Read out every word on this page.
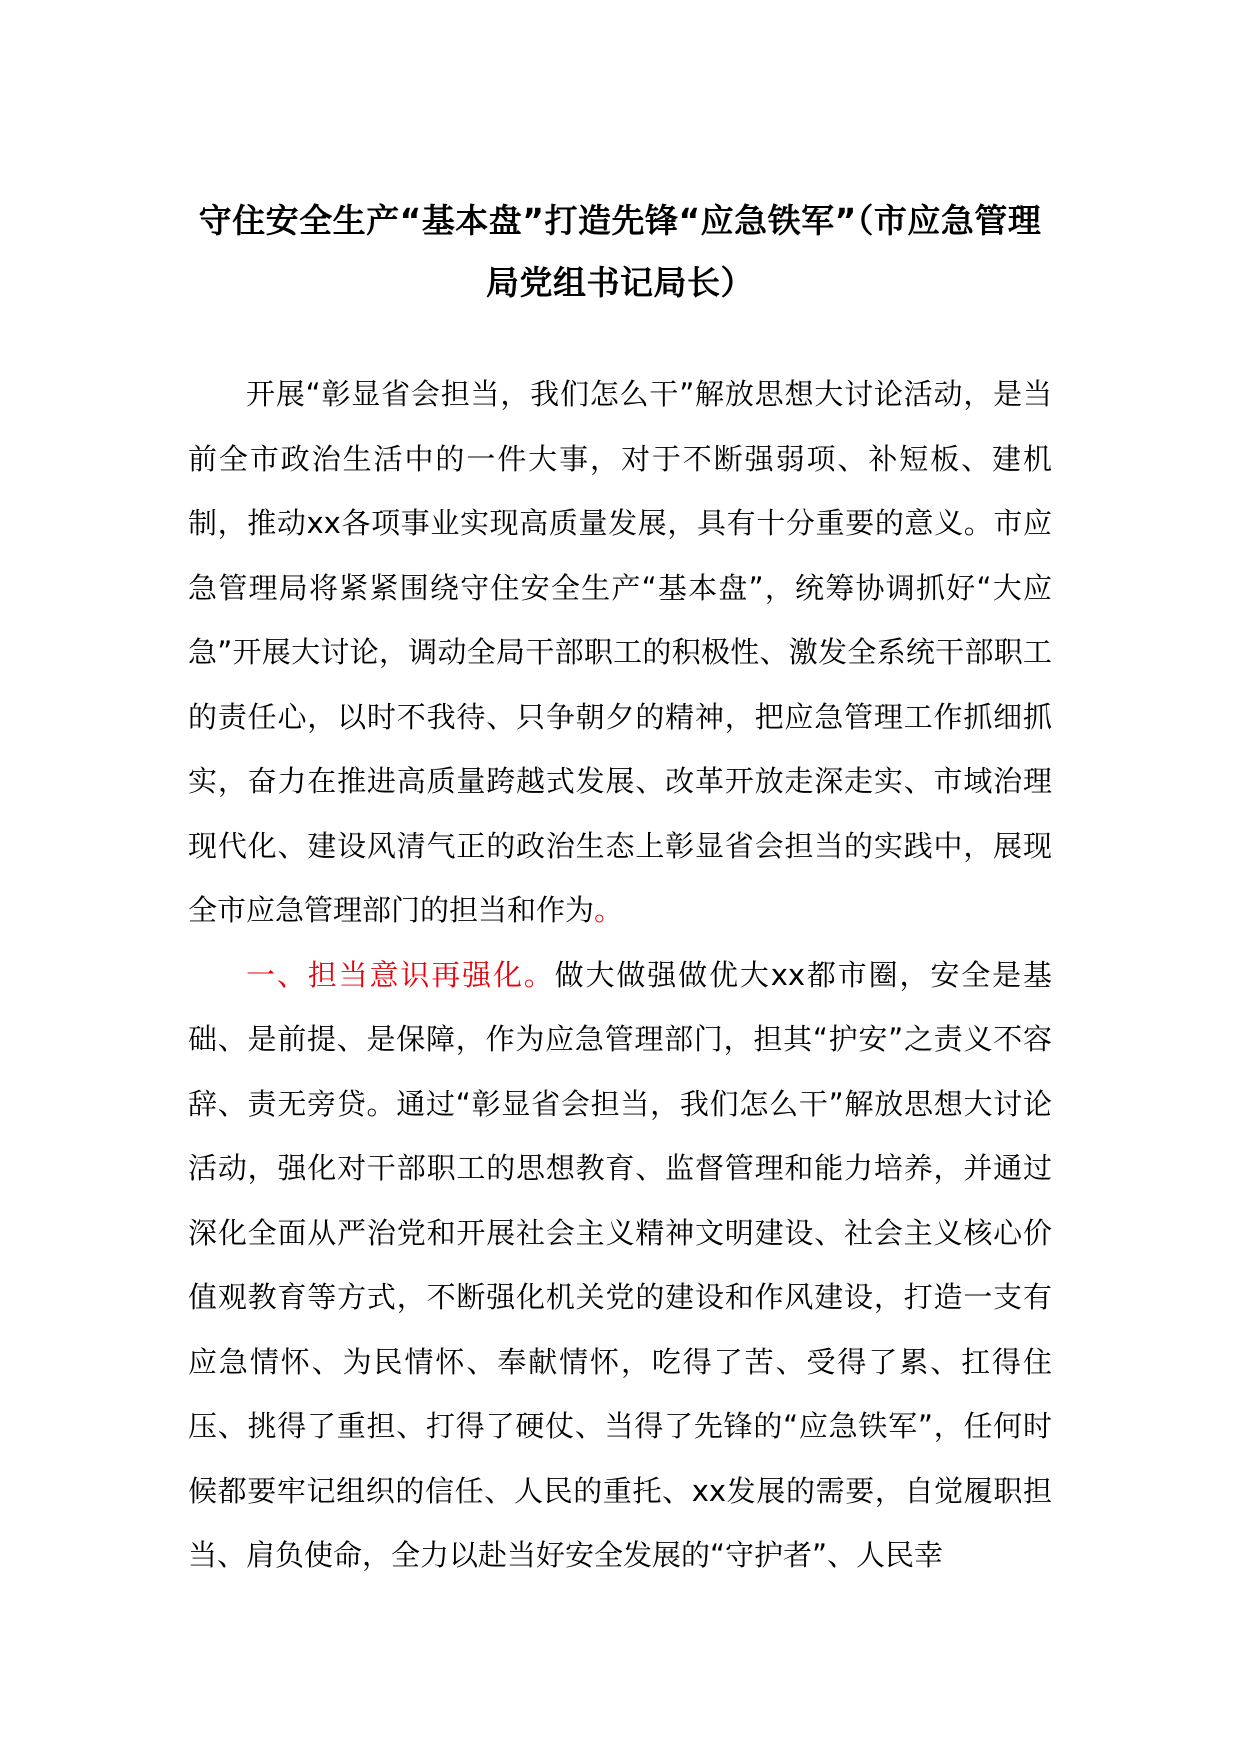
守住安全生产“基本盘”打造先锋“应急铁军”（市应急管理局党组书记局长）

开展“彰显省会担当，我们怎么干”解放思想大讨论活动，是当前全市政治生活中的一件大事，对于不断强弱项、补短板、建机制，推动xx各项事业实现高质量发展，具有十分重要的意义。市应急管理局将紧紧围绕守住安全生产“基本盘”，统筹协调抓好“大应急”开展大讨论，调动全局干部职工的积极性、激发全系统干部职工的责任心，以时不我待、只争朝夕的精神，把应急管理工作抓细抓实，奋力在推进高质量跨越式发展、改革开放走深走实、市域治理现代化、建设风清气正的政治生态上彰显省会担当的实践中，展现全市应急管理部门的担当和作为。

一、担当意识再强化。做大做强做优大xx都市圈，安全是基础、是前提、是保障，作为应急管理部门，担其“护安”之责义不容辞、责无旁贷。通过“彰显省会担当，我们怎么干”解放思想大讨论活动，强化对干部职工的思想教育、监督管理和能力培养，并通过深化全面从严治党和开展社会主义精神文明建设、社会主义核心价值观教育等方式，不断强化机关党的建设和作风建设，打造一支有应急情怀、为民情怀、奉献情怀，吃得了苦、受得了累、扛得住压、挑得了重担、打得了硬仗、当得了先锋的“应急铁军”，任何时候都要牢记组织的信任、人民的重托、xx发展的需要，自觉履职担当、肩负使命，全力以赴当好安全发展的“守护者”、人民幸
